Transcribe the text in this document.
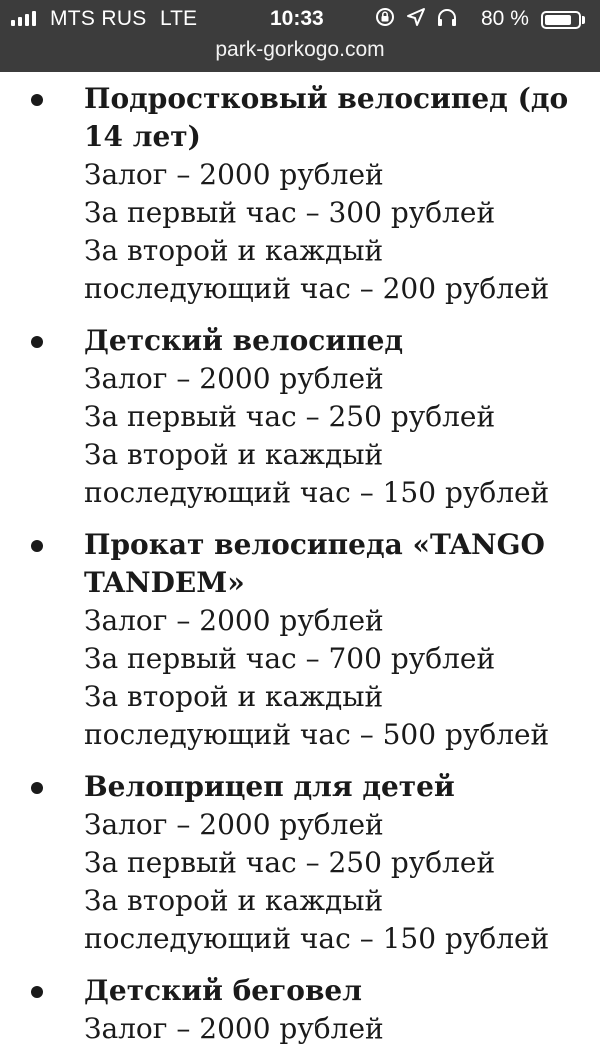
MTS RUS LTE	10:33	80 %
park-gorkogo.com
Подростковый велосипед (до 14 лет)
Залог – 2000 рублей
За первый час – 300 рублей
За второй и каждый последующий час – 200 рублей
Детский велосипед
Залог – 2000 рублей
За первый час – 250 рублей
За второй и каждый последующий час – 150 рублей
Прокат велосипеда «TANGO TANDEM»
Залог – 2000 рублей
За первый час – 700 рублей
За второй и каждый последующий час – 500 рублей
Велоприцеп для детей
Залог – 2000 рублей
За первый час – 250 рублей
За второй и каждый последующий час – 150 рублей
Детский беговел
Залог – 2000 рублей
